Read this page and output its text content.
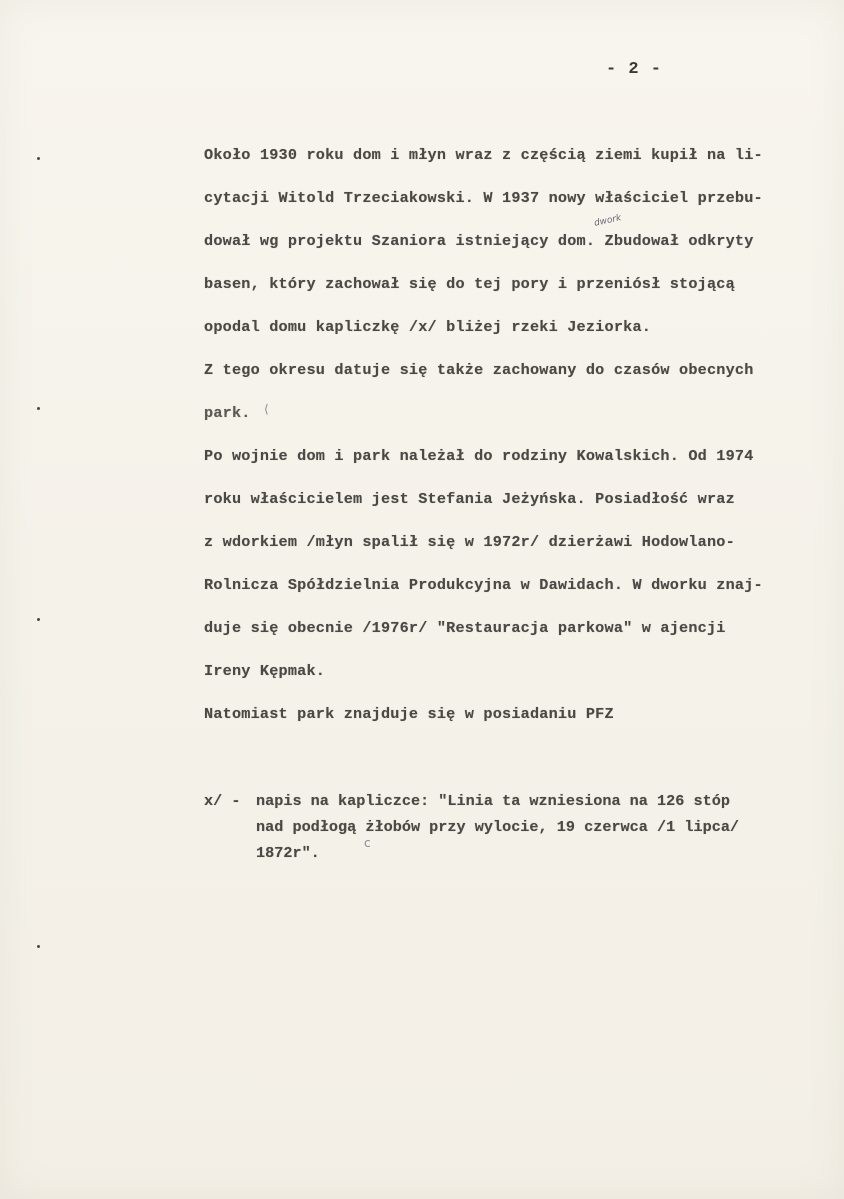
- 2 -
Około 1930 roku dom i młyn wraz z częścią ziemi kupił na li-
cytacji Witold Trzeciakowski. W 1937 nowy właściciel przebu-
dował wg projektu Szaniora istniejący dom. Zbudował odkryty
dwork
basen, który zachował się do tej pory i przeniósł stojącą
opodal domu kapliczkę /x/ bliżej rzeki Jeziorka.
Z tego okresu datuje się także zachowany do czasów obecnych
park. ⟨
Po wojnie dom i park należał do rodziny Kowalskich. Od 1974
roku właścicielem jest Stefania Jeżyńska. Posiadłość wraz
z wdorkiem /młyn spalił się w 1972r/ dzierżawi Hodowlano-
Rolnicza Spółdzielnia Produkcyjna w Dawidach. W dworku znaj-
duje się obecnie /1976r/ "Restauracja parkowa" w ajencji
Ireny Kępmak.
Natomiast park znajduje się w posiadaniu PFZ
x/ - napis na kapliczce: "Linia ta wzniesiona na 126 stóp
nad podłogą żłobów przy wylocie, 19 czerwca /1 lipca/
1872r".
c
